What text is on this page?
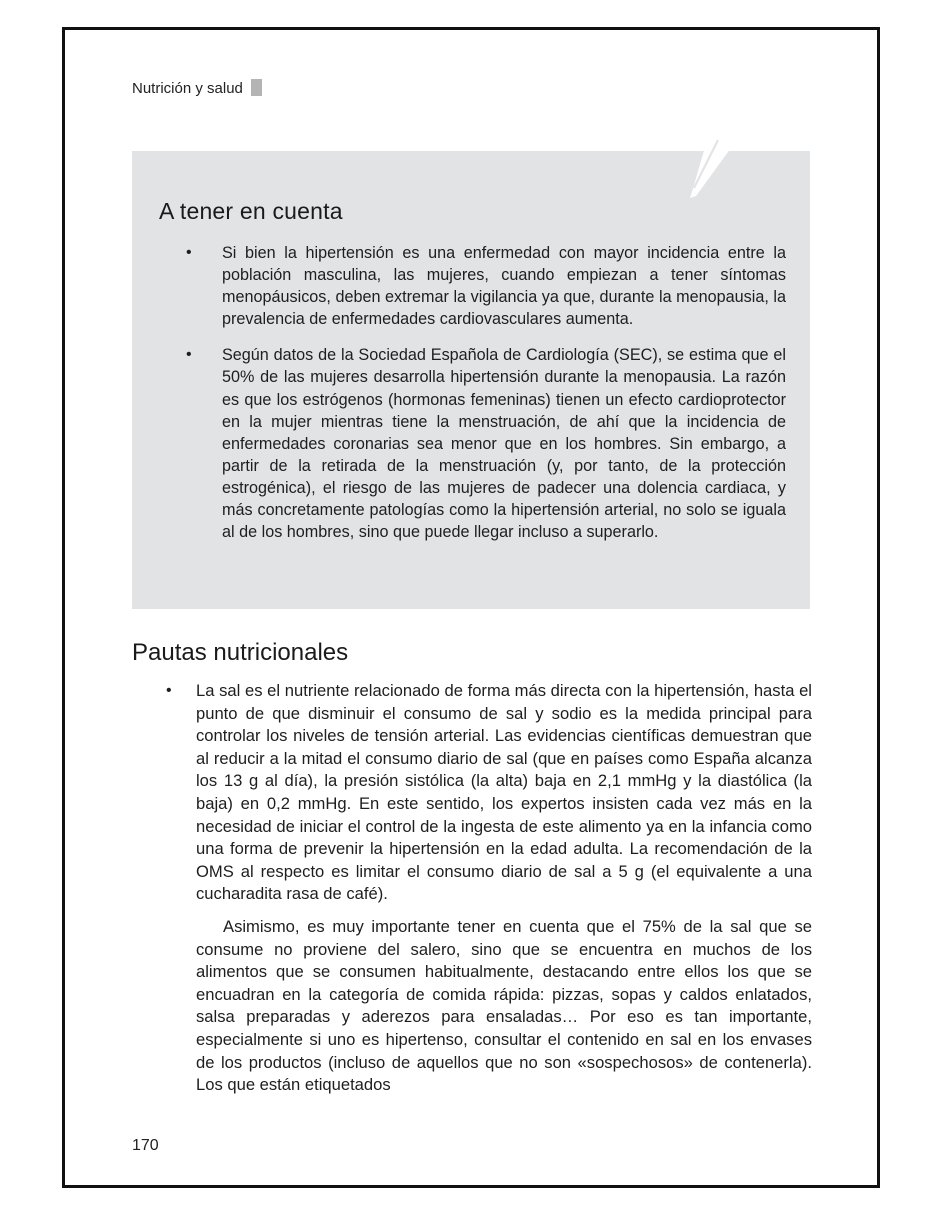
Nutrición y salud
A tener en cuenta
• Si bien la hipertensión es una enfermedad con mayor incidencia entre la población masculina, las mujeres, cuando empiezan a tener síntomas menopáusicos, deben extremar la vigilancia ya que, durante la menopausia, la prevalencia de enfermedades cardiovasculares aumenta.
• Según datos de la Sociedad Española de Cardiología (SEC), se estima que el 50% de las mujeres desarrolla hipertensión durante la menopausia. La razón es que los estrógenos (hormonas femeninas) tienen un efecto cardioprotector en la mujer mientras tiene la menstruación, de ahí que la incidencia de enfermedades coronarias sea menor que en los hombres. Sin embargo, a partir de la retirada de la menstruación (y, por tanto, de la protección estrogénica), el riesgo de las mujeres de padecer una dolencia cardiaca, y más concretamente patologías como la hipertensión arterial, no solo se iguala al de los hombres, sino que puede llegar incluso a superarlo.
Pautas nutricionales
• La sal es el nutriente relacionado de forma más directa con la hipertensión, hasta el punto de que disminuir el consumo de sal y sodio es la medida principal para controlar los niveles de tensión arterial. Las evidencias científicas demuestran que al reducir a la mitad el consumo diario de sal (que en países como España alcanza los 13 g al día), la presión sistólica (la alta) baja en 2,1 mmHg y la diastólica (la baja) en 0,2 mmHg. En este sentido, los expertos insisten cada vez más en la necesidad de iniciar el control de la ingesta de este alimento ya en la infancia como una forma de prevenir la hipertensión en la edad adulta. La recomendación de la OMS al respecto es limitar el consumo diario de sal a 5 g (el equivalente a una cucharadita rasa de café).

Asimismo, es muy importante tener en cuenta que el 75% de la sal que se consume no proviene del salero, sino que se encuentra en muchos de los alimentos que se consumen habitualmente, destacando entre ellos los que se encuadran en la categoría de comida rápida: pizzas, sopas y caldos enlatados, salsa preparadas y aderezos para ensaladas… Por eso es tan importante, especialmente si uno es hipertenso, consultar el contenido en sal en los envases de los productos (incluso de aquellos que no son «sospechosos» de contenerla). Los que están etiquetados

170
